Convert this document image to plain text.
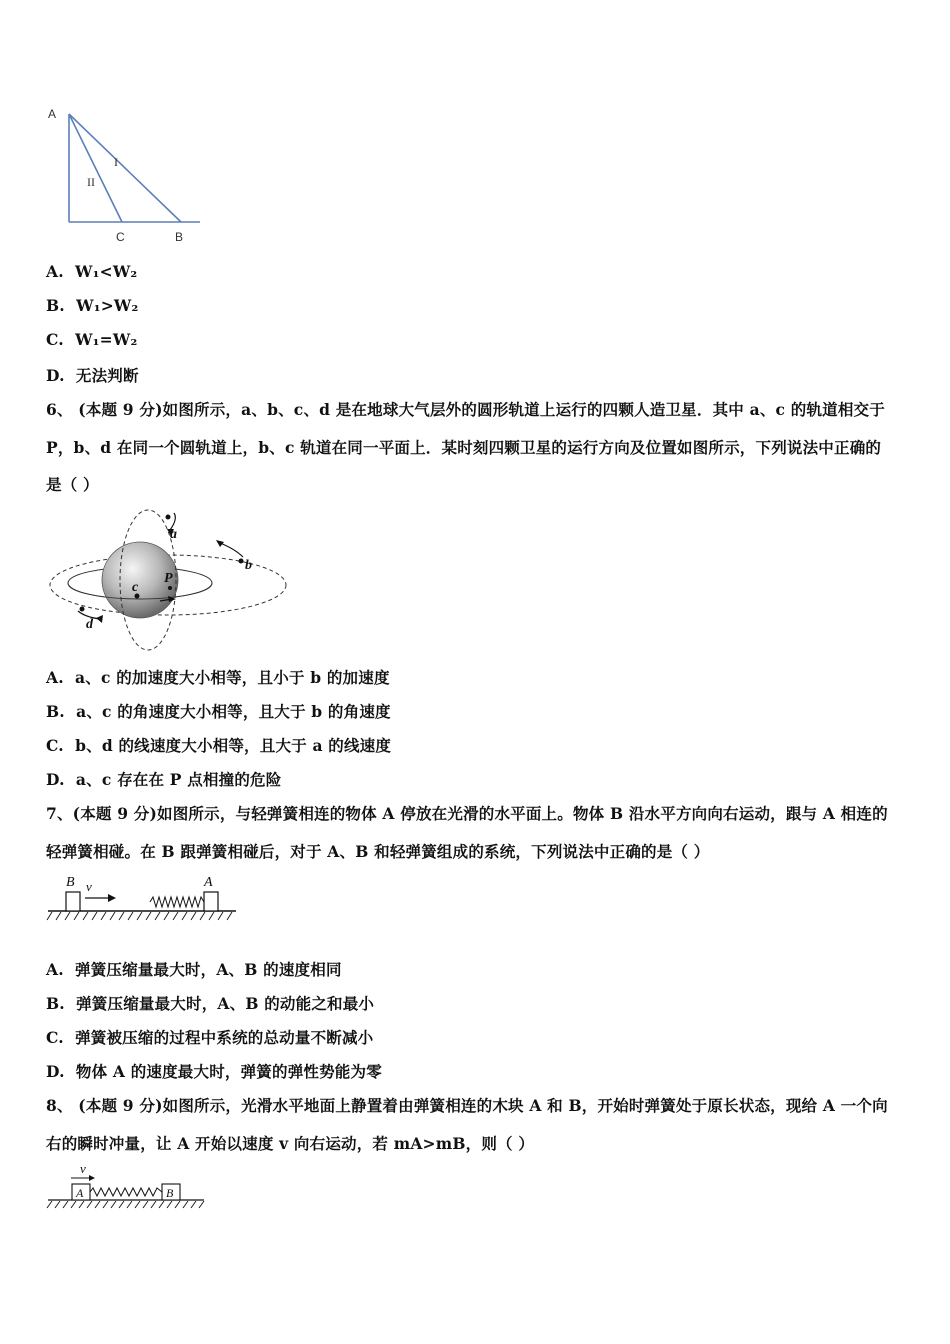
A
I
II
C	B
A. W₁<W₂
B. W₁>W₂
C. W₁=W₂
D. 无法判断
6、 (本题 9 分)如图所示，a、b、c、d 是在地球大气层外的圆形轨道上运行的四颗人造卫星．其中 a、c 的轨道相交于
P，b、d 在同一个圆轨道上，b、c 轨道在同一平面上．某时刻四颗卫星的运行方向及位置如图所示，下列说法中正确的
是（ ）
a
b
c
P
d
A. a、c 的加速度大小相等，且小于 b 的加速度
B. a、c 的角速度大小相等，且大于 b 的角速度
C. b、d 的线速度大小相等，且大于 a 的线速度
D. a、c 存在在 P 点相撞的危险
7、(本题 9 分)如图所示，与轻弹簧相连的物体 A 停放在光滑的水平面上。物体 B 沿水平方向向右运动，跟与 A 相连的
轻弹簧相碰。在 B 跟弹簧相碰后，对于 A、B 和轻弹簧组成的系统，下列说法中正确的是（ ）
B v	A
A. 弹簧压缩量最大时，A、B 的速度相同
B. 弹簧压缩量最大时，A、B 的动能之和最小
C. 弹簧被压缩的过程中系统的总动量不断减小
D. 物体 A 的速度最大时，弹簧的弹性势能为零
8、 (本题 9 分)如图所示，光滑水平地面上静置着由弹簧相连的木块 A 和 B，开始时弹簧处于原长状态，现给 A 一个向
右的瞬时冲量，让 A 开始以速度 v 向右运动，若 mA>mB，则（ ）
v
A	B
